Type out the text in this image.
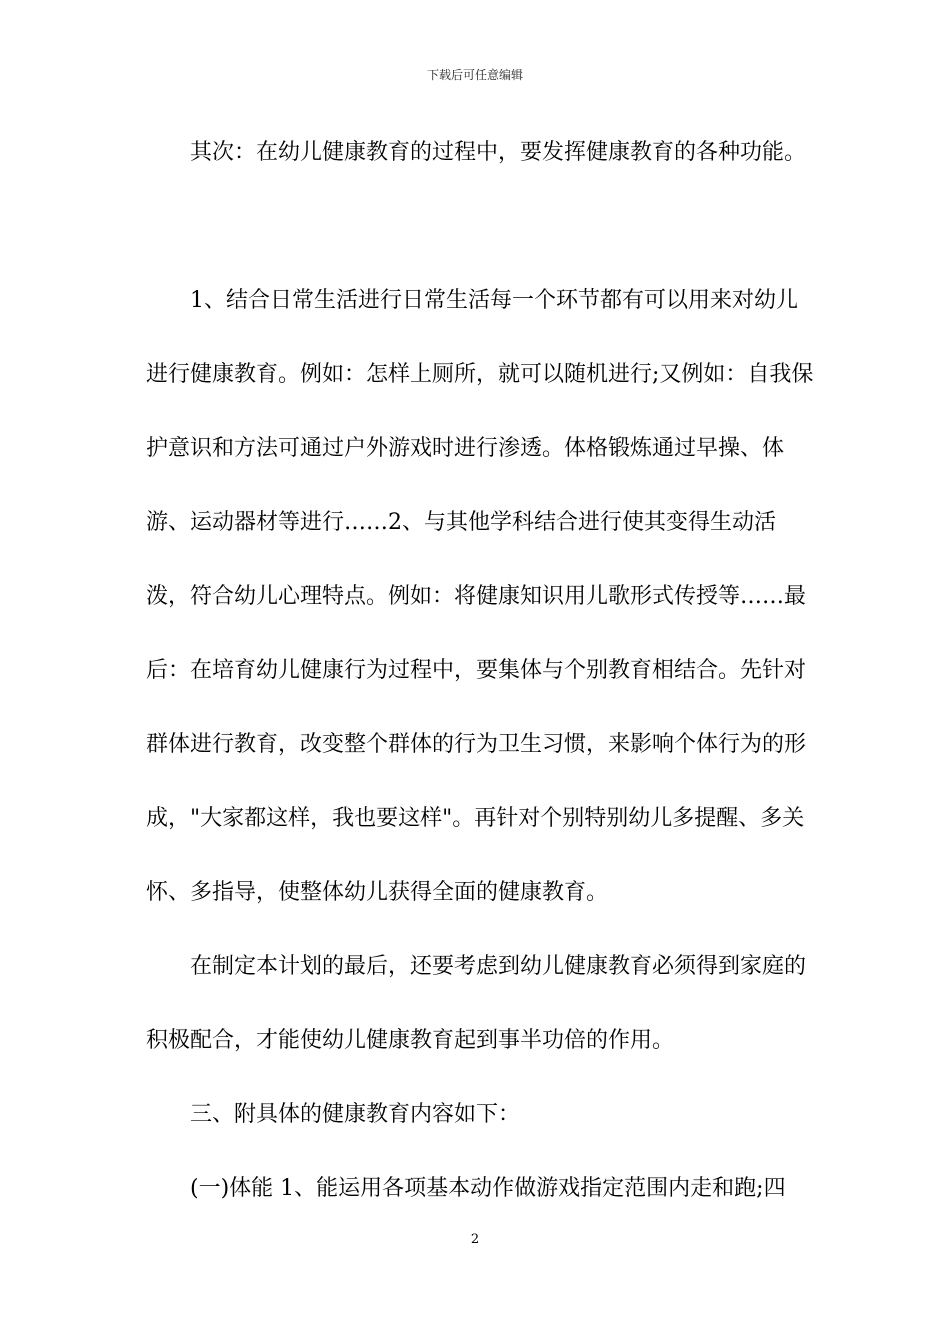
下载后可任意编辑

其次：在幼儿健康教育的过程中，要发挥健康教育的各种功能。

1、结合日常生活进行日常生活每一个环节都有可以用来对幼儿进行健康教育。例如：怎样上厕所，就可以随机进行;又例如：自我保护意识和方法可通过户外游戏时进行渗透。体格锻炼通过早操、体游、运动器材等进行……2、与其他学科结合进行使其变得生动活泼，符合幼儿心理特点。例如：将健康知识用儿歌形式传授等……最后：在培育幼儿健康行为过程中，要集体与个别教育相结合。先针对群体进行教育，改变整个群体的行为卫生习惯，来影响个体行为的形成，"大家都这样，我也要这样"。再针对个别特别幼儿多提醒、多关怀、多指导，使整体幼儿获得全面的健康教育。

在制定本计划的最后，还要考虑到幼儿健康教育必须得到家庭的积极配合，才能使幼儿健康教育起到事半功倍的作用。

三、附具体的健康教育内容如下：

(一)体能 1、能运用各项基本动作做游戏指定范围内走和跑;四

2
